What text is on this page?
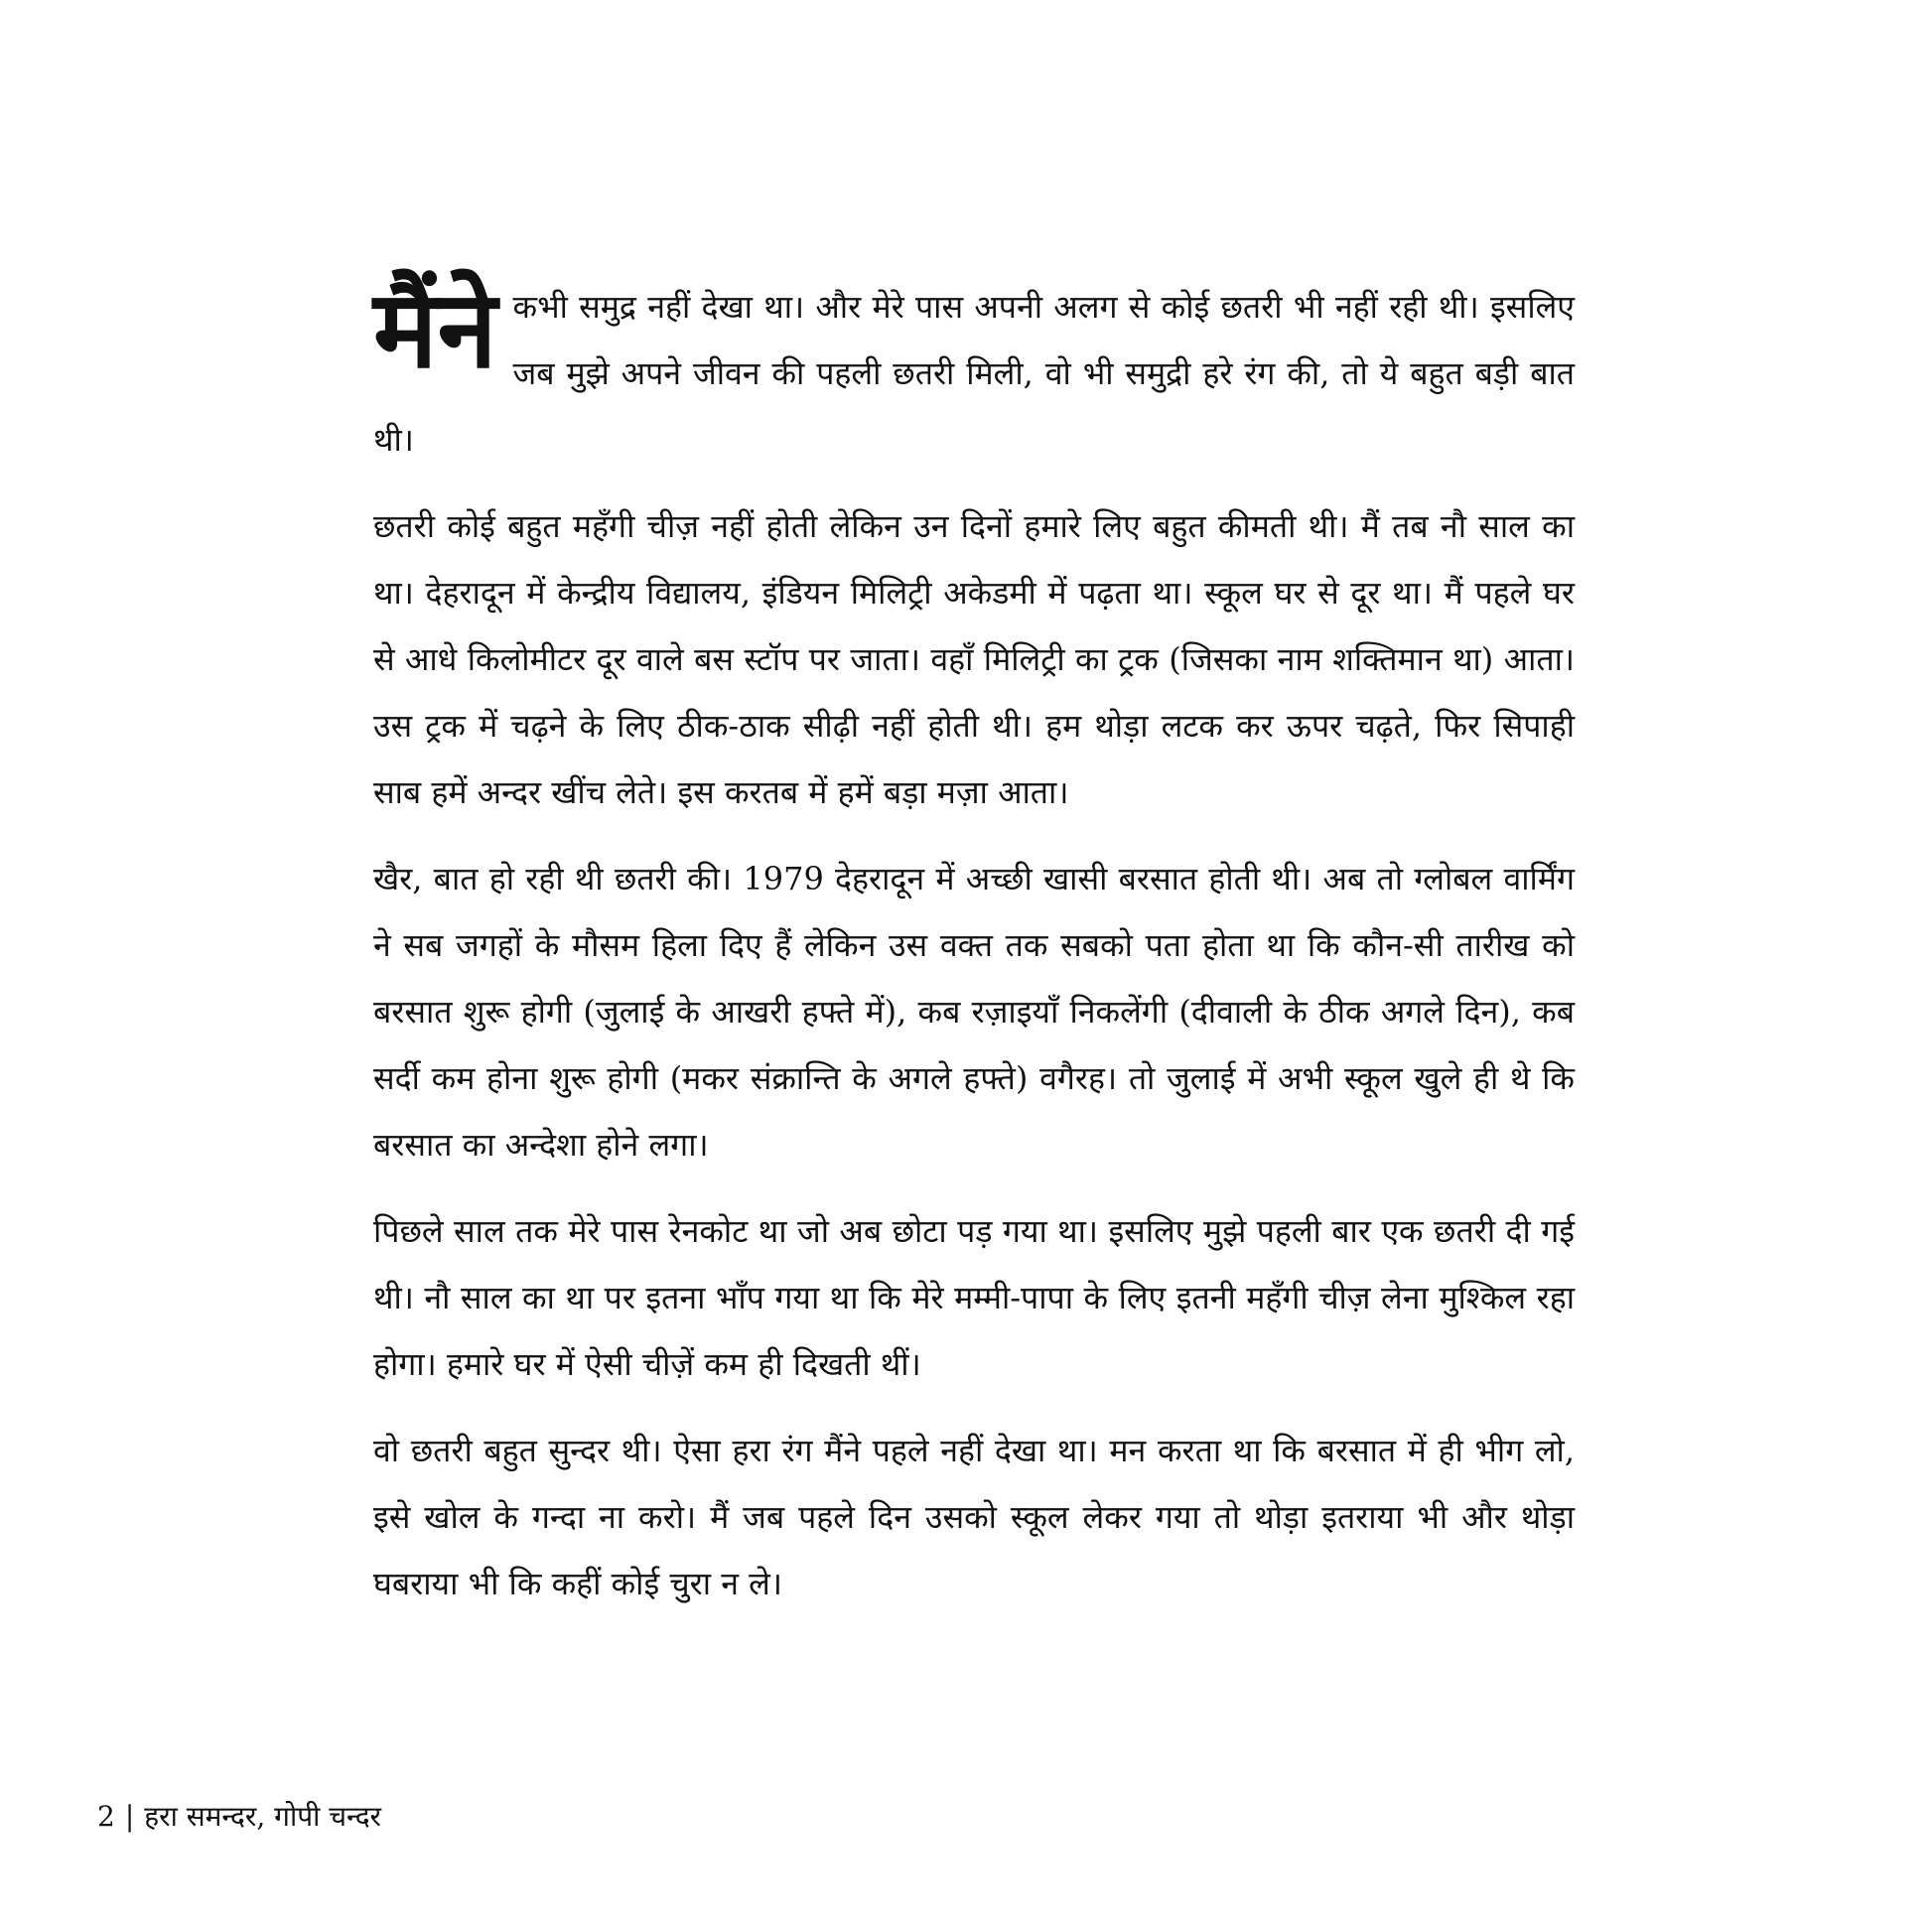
मैंने कभी समुद्र नहीं देखा था। और मेरे पास अपनी अलग से कोई छतरी भी नहीं रही थी। इसलिए जब मुझे अपने जीवन की पहली छतरी मिली, वो भी समुद्री हरे रंग की, तो ये बहुत बड़ी बात थी।

छतरी कोई बहुत महँगी चीज़ नहीं होती लेकिन उन दिनों हमारे लिए बहुत कीमती थी। मैं तब नौ साल का था। देहरादून में केन्द्रीय विद्यालय, इंडियन मिलिट्री अकेडमी में पढ़ता था। स्कूल घर से दूर था। मैं पहले घर से आधे किलोमीटर दूर वाले बस स्टॉप पर जाता। वहाँ मिलिट्री का ट्रक (जिसका नाम शक्तिमान था) आता। उस ट्रक में चढ़ने के लिए ठीक-ठाक सीढ़ी नहीं होती थी। हम थोड़ा लटक कर ऊपर चढ़ते, फिर सिपाही साब हमें अन्दर खींच लेते। इस करतब में हमें बड़ा मज़ा आता।

खैर, बात हो रही थी छतरी की। 1979 देहरादून में अच्छी खासी बरसात होती थी। अब तो ग्लोबल वार्मिंग ने सब जगहों के मौसम हिला दिए हैं लेकिन उस वक्त तक सबको पता होता था कि कौन-सी तारीख को बरसात शुरू होगी (जुलाई के आखरी हफ्ते में), कब रज़ाइयाँ निकलेंगी (दीवाली के ठीक अगले दिन), कब सर्दी कम होना शुरू होगी (मकर संक्रान्ति के अगले हफ्ते) वगैरह। तो जुलाई में अभी स्कूल खुले ही थे कि बरसात का अन्देशा होने लगा।

पिछले साल तक मेरे पास रेनकोट था जो अब छोटा पड़ गया था। इसलिए मुझे पहली बार एक छतरी दी गई थी। नौ साल का था पर इतना भाँप गया था कि मेरे मम्मी-पापा के लिए इतनी महँगी चीज़ लेना मुश्किल रहा होगा। हमारे घर में ऐसी चीज़ें कम ही दिखती थीं।

वो छतरी बहुत सुन्दर थी। ऐसा हरा रंग मैंने पहले नहीं देखा था। मन करता था कि बरसात में ही भीग लो, इसे खोल के गन्दा ना करो। मैं जब पहले दिन उसको स्कूल लेकर गया तो थोड़ा इतराया भी और थोड़ा घबराया भी कि कहीं कोई चुरा न ले।

2 | हरा समन्दर, गोपी चन्दर
